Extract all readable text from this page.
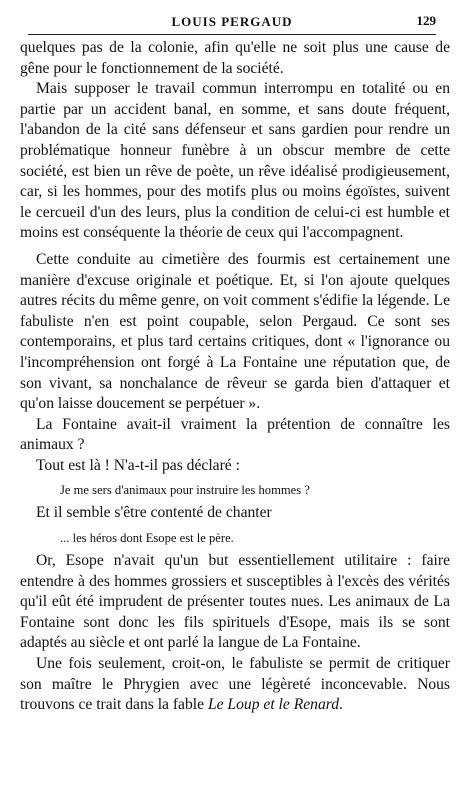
LOUIS PERGAUD	129

quelques pas de la colonie, afin qu'elle ne soit plus une cause de gêne pour le fonctionnement de la société.

Mais supposer le travail commun interrompu en totalité ou en partie par un accident banal, en somme, et sans doute fréquent, l'abandon de la cité sans défenseur et sans gardien pour rendre un problématique honneur funèbre à un obscur membre de cette société, est bien un rêve de poète, un rêve idéalisé prodigieusement, car, si les hommes, pour des motifs plus ou moins égoïstes, suivent le cercueil d'un des leurs, plus la condition de celui-ci est humble et moins est conséquente la théorie de ceux qui l'accompagnent.

Cette conduite au cimetière des fourmis est certainement une manière d'excuse originale et poétique. Et, si l'on ajoute quelques autres récits du même genre, on voit comment s'édifie la légende. Le fabuliste n'en est point coupable, selon Pergaud. Ce sont ses contemporains, et plus tard certains critiques, dont « l'ignorance ou l'incompréhension ont forgé à La Fontaine une réputation que, de son vivant, sa nonchalance de rêveur se garda bien d'attaquer et qu'on laisse doucement se perpétuer ».

La Fontaine avait-il vraiment la prétention de connaître les animaux ?

Tout est là ! N'a-t-il pas déclaré :

Je me sers d'animaux pour instruire les hommes ?

Et il semble s'être contenté de chanter

... les héros dont Esope est le père.

Or, Esope n'avait qu'un but essentiellement utilitaire : faire entendre à des hommes grossiers et susceptibles à l'excès des vérités qu'il eût été imprudent de présenter toutes nues. Les animaux de La Fontaine sont donc les fils spirituels d'Esope, mais ils se sont adaptés au siècle et ont parlé la langue de La Fontaine.

Une fois seulement, croit-on, le fabuliste se permit de critiquer son maître le Phrygien avec une légèreté inconcevable. Nous trouvons ce trait dans la fable Le Loup et le Renard.
